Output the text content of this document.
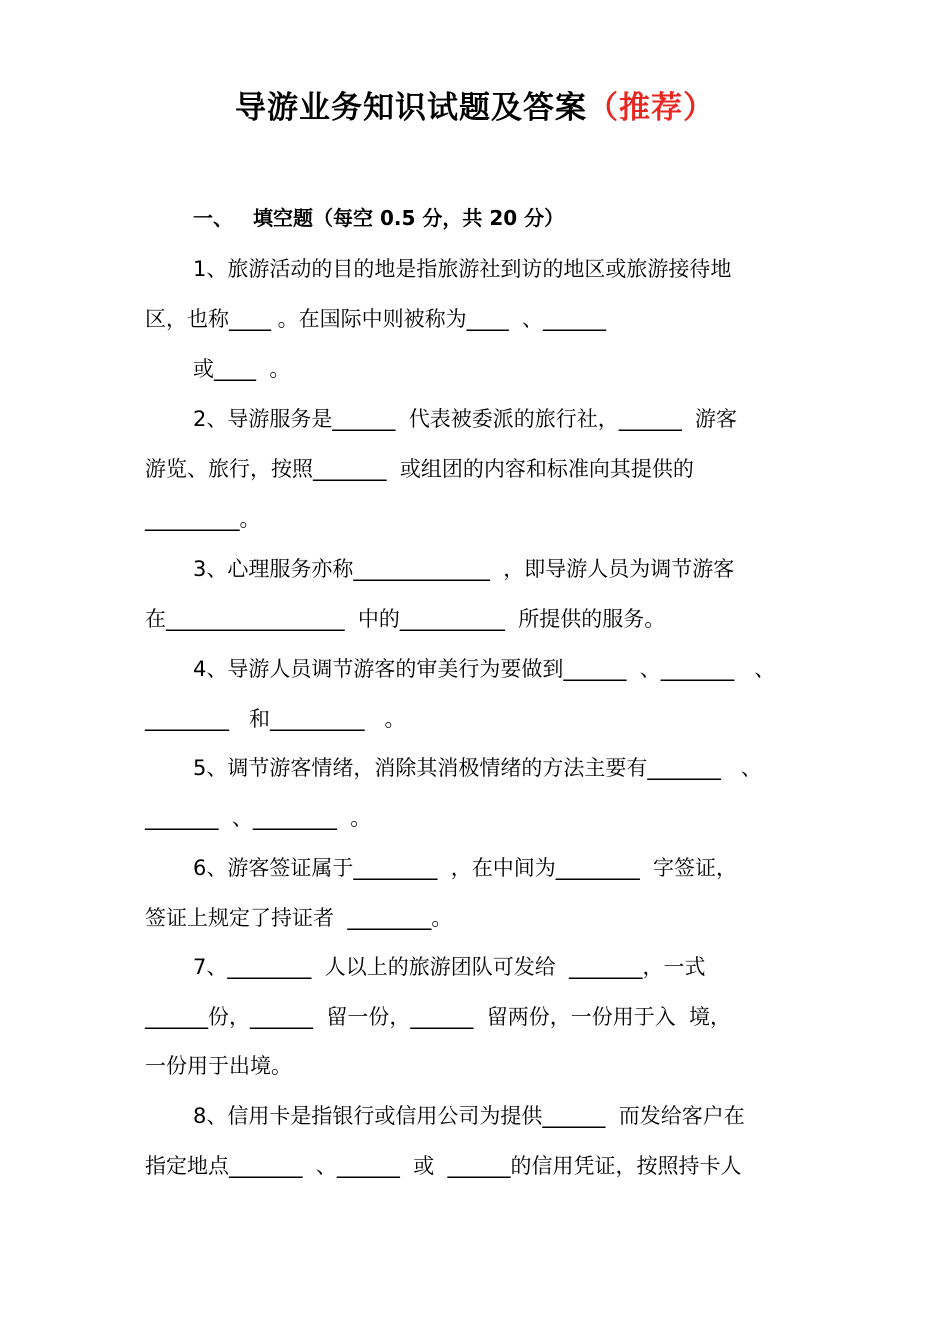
导游业务知识试题及答案（推荐）
一、 填空题（每空 0.5 分，共 20 分）
1、旅游活动的目的地是指旅游社到访的地区或旅游接待地
区，也称____ 。在国际中则被称为____  、______
或____  。
2、导游服务是______  代表被委派的旅行社，______  游客
游览、旅行，按照_______  或组团的内容和标准向其提供的
_________。
3、心理服务亦称_____________  ，即导游人员为调节游客
在_________________  中的__________  所提供的服务。
4、导游人员调节游客的审美行为要做到______  、_______   、
________   和_________   。
5、调节游客情绪，消除其消极情绪的方法主要有_______   、
_______  、________  。
6、游客签证属于________  ，在中间为________  字签证，
签证上规定了持证者  ________。
7、________  人以上的旅游团队可发给  _______，一式
______份，______  留一份，______  留两份，一份用于入  境，
一份用于出境。
8、信用卡是指银行或信用公司为提供______  而发给客户在
指定地点_______  、______  或  ______的信用凭证，按照持卡人
